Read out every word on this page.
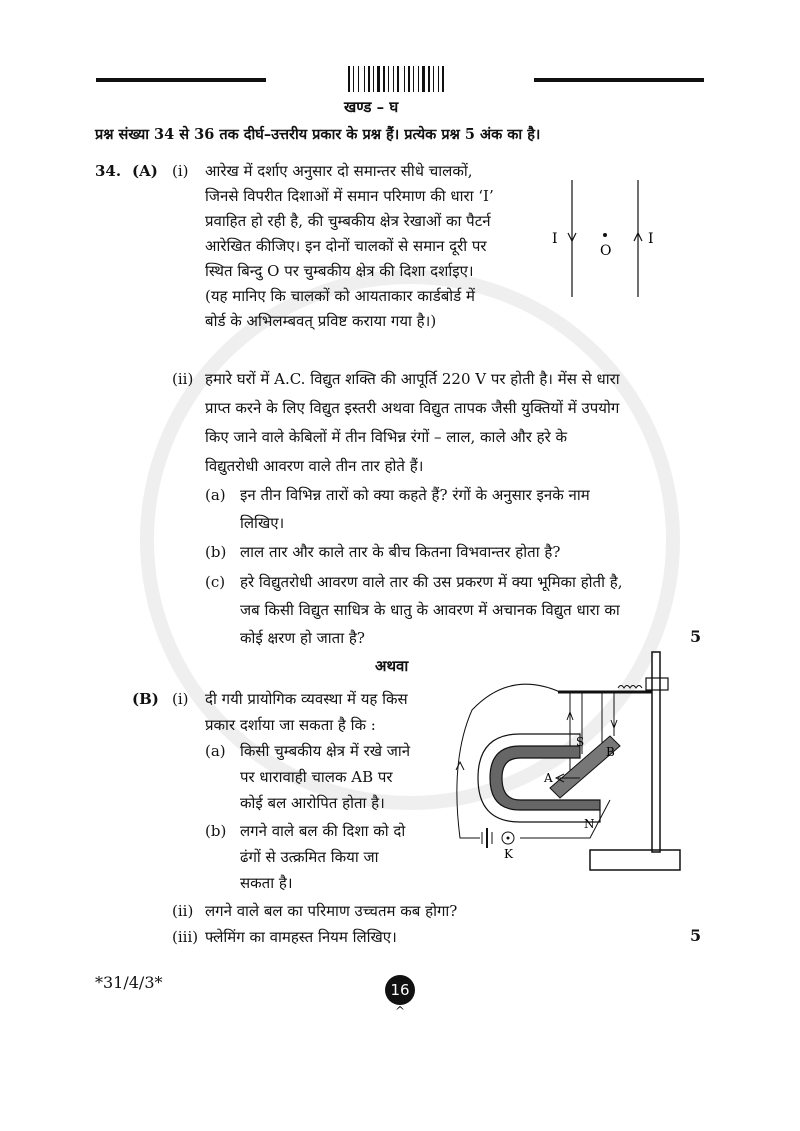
खण्ड – घ
प्रश्न संख्या 34 से 36 तक दीर्घ–उत्तरीय प्रकार के प्रश्न हैं। प्रत्येक प्रश्न 5 अंक का है।
34. (A) (i) आरेख में दर्शाए अनुसार दो समान्तर सीधे चालकों,
जिनसे विपरीत दिशाओं में समान परिमाण की धारा ‘I’
प्रवाहित हो रही है, की चुम्बकीय क्षेत्र रेखाओं का पैटर्न
आरेखित कीजिए। इन दोनों चालकों से समान दूरी पर
स्थित बिन्दु O पर चुम्बकीय क्षेत्र की दिशा दर्शाइए।
(यह मानिए कि चालकों को आयताकार कार्डबोर्ड में
बोर्ड के अभिलम्बवत् प्रविष्ट कराया गया है।)
I	I
O
(ii) हमारे घरों में A.C. विद्युत शक्ति की आपूर्ति 220 V पर होती है। मेंस से धारा
प्राप्त करने के लिए विद्युत इस्तरी अथवा विद्युत तापक जैसी युक्तियों में उपयोग
किए जाने वाले केबिलों में तीन विभिन्न रंगों – लाल, काले और हरे के
विद्युतरोधी आवरण वाले तीन तार होते हैं।
(a) इन तीन विभिन्न तारों को क्या कहते हैं? रंगों के अनुसार इनके नाम
लिखिए।
(b) लाल तार और काले तार के बीच कितना विभवान्तर होता है?
(c) हरे विद्युतरोधी आवरण वाले तार की उस प्रकरण में क्या भूमिका होती है,
जब किसी विद्युत साधित्र के धातु के आवरण में अचानक विद्युत धारा का
कोई क्षरण हो जाता है?	5
अथवा
(B) (i) दी गयी प्रायोगिक व्यवस्था में यह किस
प्रकार दर्शाया जा सकता है कि :
(a) किसी चुम्बकीय क्षेत्र में रखे जाने
पर धारावाही चालक AB पर
कोई बल आरोपित होता है।
(b) लगने वाले बल की दिशा को दो
ढंगों से उत्क्रमित किया जा
सकता है।
S
B
A
N
K
(ii) लगने वाले बल का परिमाण उच्चतम कब होगा?
(iii) फ्लेमिंग का वामहस्त नियम लिखिए।	5
*31/4/3*	16
^
